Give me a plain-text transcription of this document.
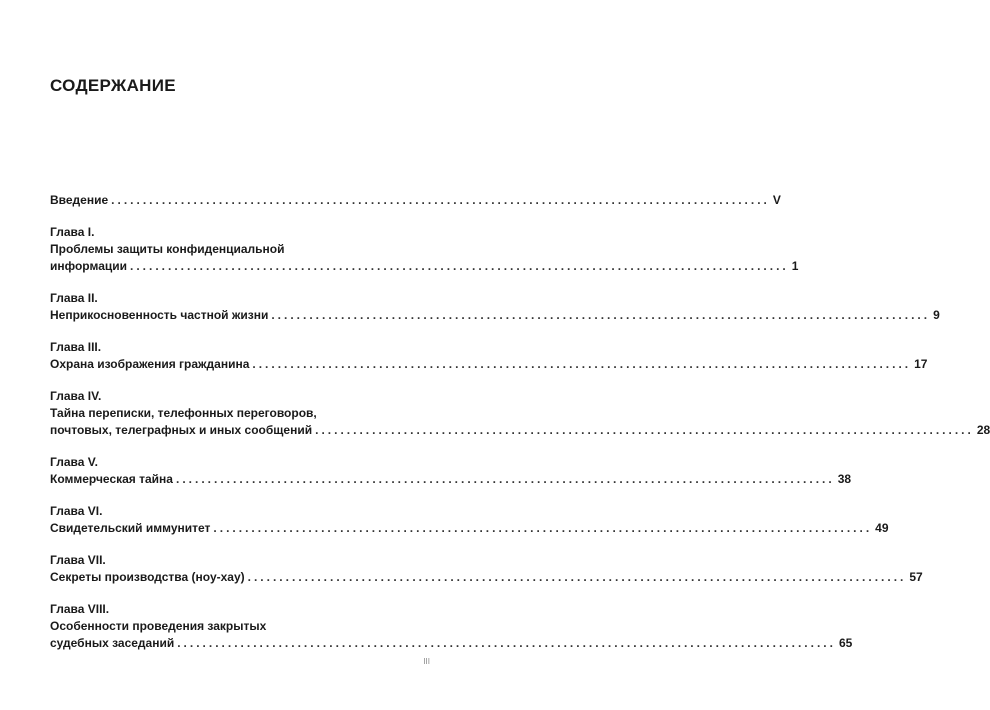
СОДЕРЖАНИЕ
Введение ........................................................................................................ V
Глава I.
Проблемы защиты конфиденциальной
информации ........................................................................................................ 1
Глава II.
Неприкосновенность частной жизни ........................................................................................................ 9
Глава III.
Охрана изображения гражданина ........................................................................................................ 17
Глава IV.
Тайна переписки, телефонных переговоров,
почтовых, телеграфных и иных сообщений ........................................................................................................ 28
Глава V.
Коммерческая тайна ........................................................................................................ 38
Глава VI.
Свидетельский иммунитет ........................................................................................................ 49
Глава VII.
Секреты производства (ноу-хау) ........................................................................................................ 57
Глава VIII.
Особенности проведения закрытых
судебных заседаний ........................................................................................................ 65
III
